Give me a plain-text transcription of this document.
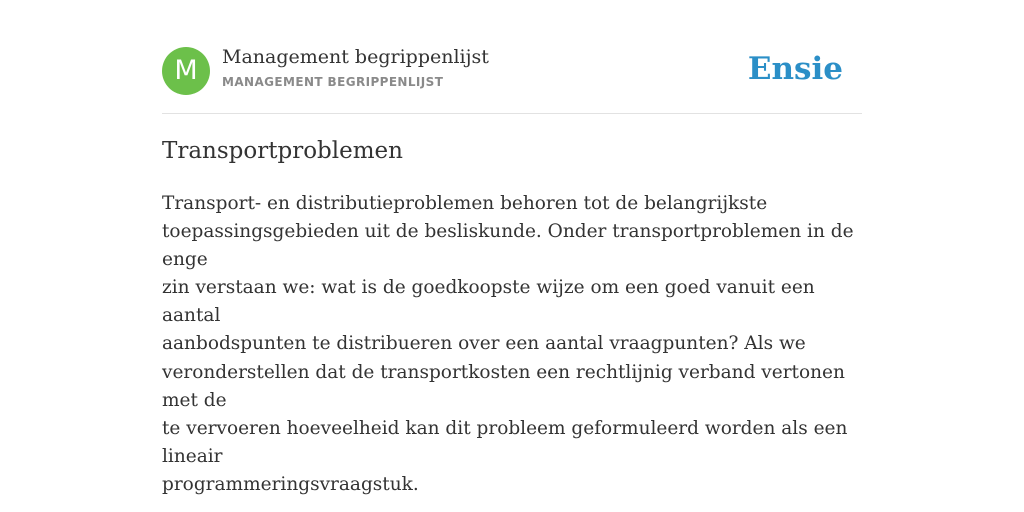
M	Management begrippenlijst
MANAGEMENT BEGRIPPENLIJST	Ensie
Transportproblemen

Transport- en distributieproblemen behoren tot de belangrijkste
toepassingsgebieden uit de besliskunde. Onder transportproblemen in de enge
zin verstaan we: wat is de goedkoopste wijze om een goed vanuit een aantal
aanbodspunten te distribueren over een aantal vraagpunten? Als we
veronderstellen dat de transportkosten een rechtlijnig verband vertonen met de
te vervoeren hoeveelheid kan dit probleem geformuleerd worden als een lineair
programmeringsvraagstuk.
